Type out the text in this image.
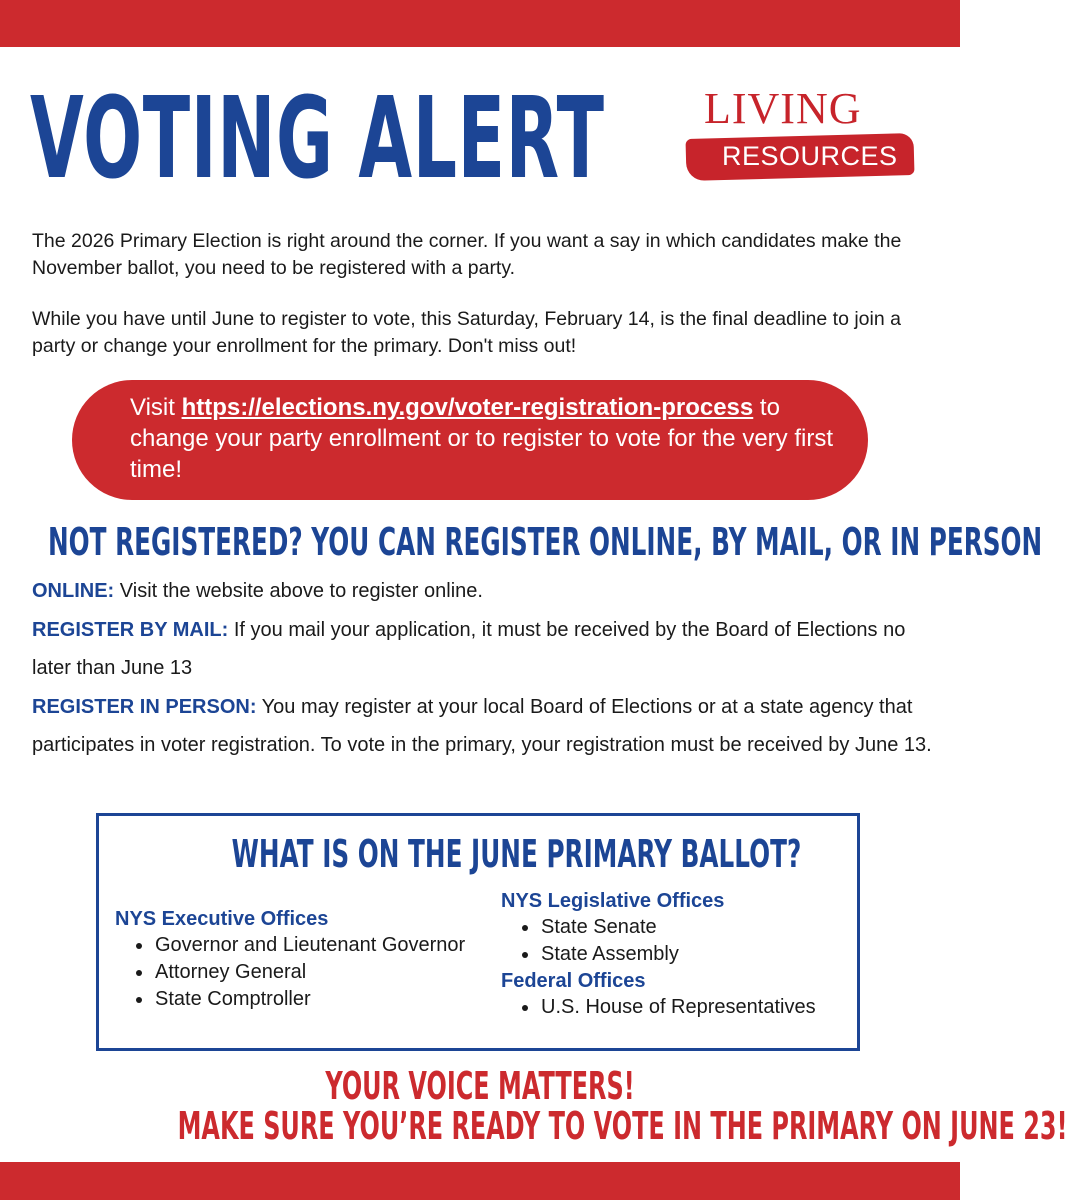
VOTING ALERT LIVING
RESOURCES

The 2026 Primary Election is right around the corner. If you want a say in which candidates make the November ballot, you need to be registered with a party.

While you have until June to register to vote, this Saturday, February 14, is the final deadline to join a party or change your enrollment for the primary. Don't miss out!

Visit https://elections.ny.gov/voter-registration-process to change your party enrollment or to register to vote for the very first time!

NOT REGISTERED? YOU CAN REGISTER ONLINE, BY MAIL, OR IN PERSON

ONLINE: Visit the website above to register online.
REGISTER BY MAIL: If you mail your application, it must be received by the Board of Elections no later than June 13
REGISTER IN PERSON: You may register at your local Board of Elections or at a state agency that participates in voter registration. To vote in the primary, your registration must be received by June 13.

WHAT IS ON THE JUNE PRIMARY BALLOT?
NYS Executive Offices
Governor and Lieutenant Governor
Attorney General
State Comptroller
NYS Legislative Offices
State Senate
State Assembly
Federal Offices
U.S. House of Representatives

YOUR VOICE MATTERS!
MAKE SURE YOU’RE READY TO VOTE IN THE PRIMARY ON JUNE 23!
